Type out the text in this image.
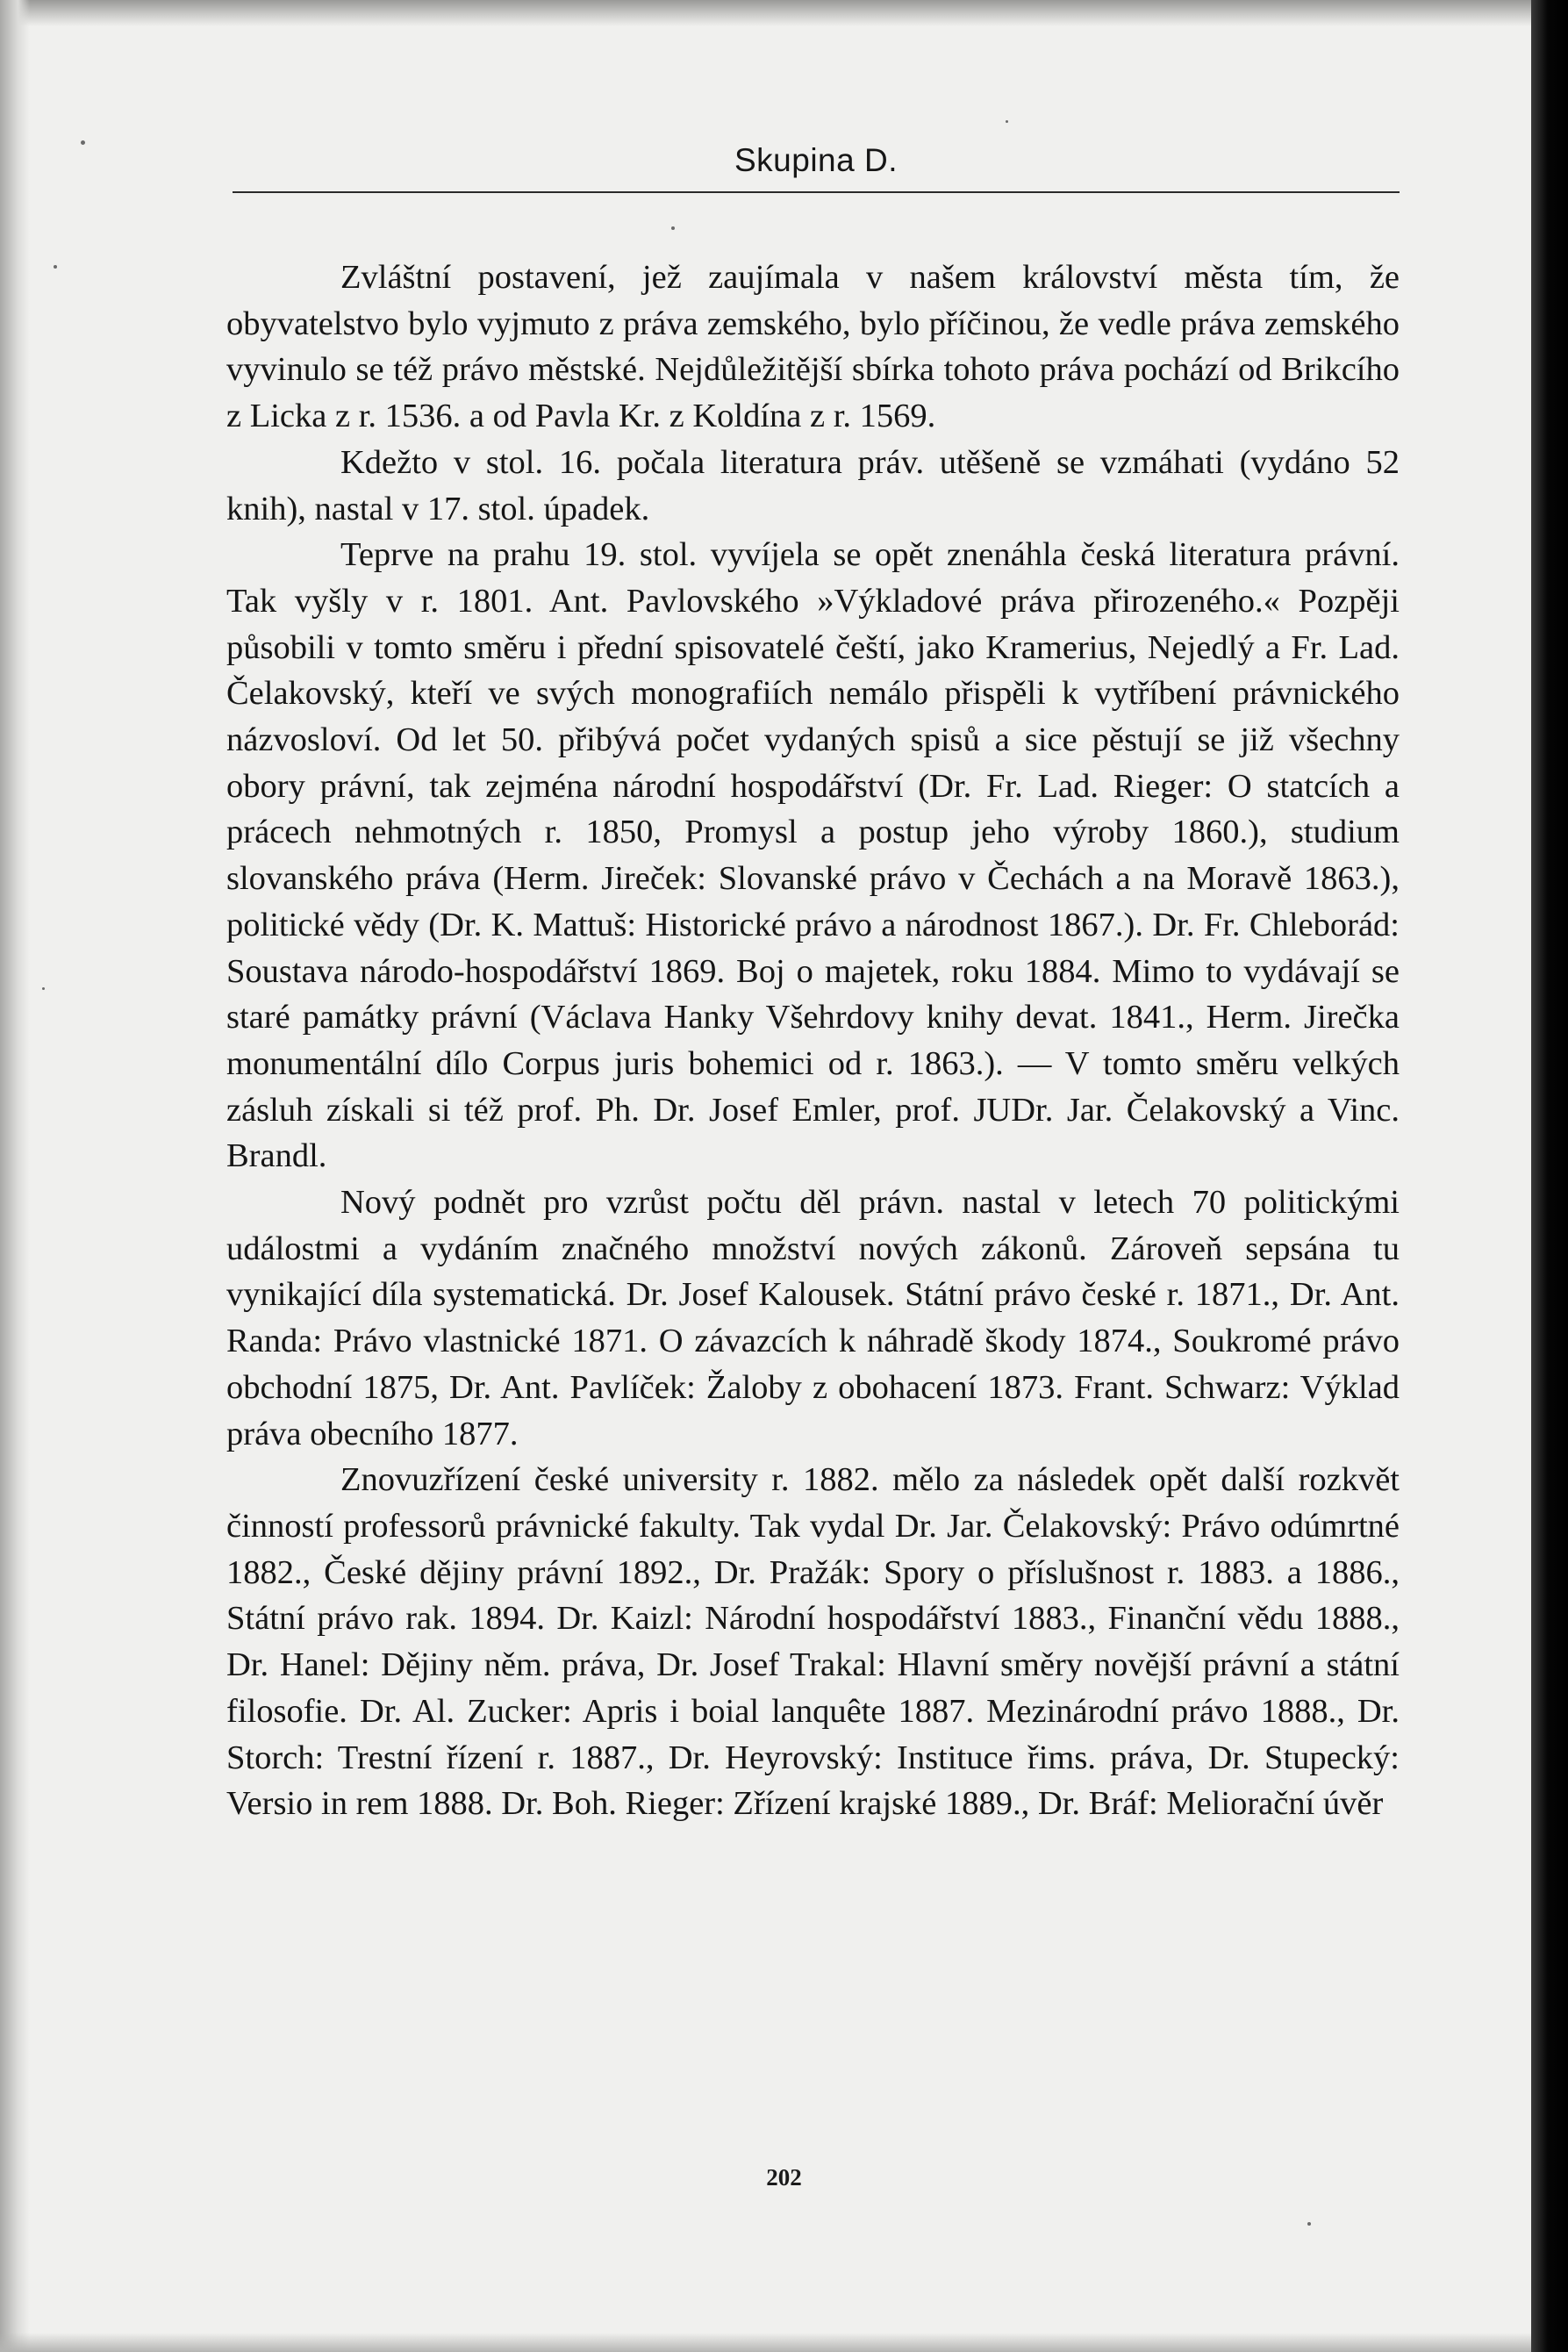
Skupina D.

Zvláštní postavení, jež zaujímala v našem království města tím, že obyvatelstvo bylo vyjmuto z práva zemského, bylo příčinou, že vedle práva zemského vyvinulo se též právo městské. Nejdůležitější sbírka tohoto práva pochází od Brikcího z Licka z r. 1536. a od Pavla Kr. z Koldína z r. 1569.

Kdežto v stol. 16. počala literatura práv. utěšeně se vzmáhati (vydáno 52 knih), nastal v 17. stol. úpadek.

Teprve na prahu 19. stol. vyvíjela se opět znenáhla česká literatura právní. Tak vyšly v r. 1801. Ant. Pavlovského »Výkladové práva přirozeného.« Pozpěji působili v tomto směru i přední spisovatelé čeští, jako Kramerius, Nejedlý a Fr. Lad. Čelakovský, kteří ve svých monografiích nemálo přispěli k vytříbení právnického názvosloví. Od let 50. přibývá počet vydaných spisů a sice pěstují se již všechny obory právní, tak zejména národní hospodářství (Dr. Fr. Lad. Rieger: O statcích a prácech nehmotných r. 1850, Promysl a postup jeho výroby 1860.), studium slovanského práva (Herm. Jireček: Slovanské právo v Čechách a na Moravě 1863.), politické vědy (Dr. K. Mattuš: Historické právo a národnost 1867.). Dr. Fr. Chleborád: Soustava národo-hospodářství 1869. Boj o majetek, roku 1884. Mimo to vydávají se staré památky právní (Václava Hanky Všehrdovy knihy devat. 1841., Herm. Jirečka monumentální dílo Corpus juris bohemici od r. 1863.). — V tomto směru velkých zásluh získali si též prof. Ph. Dr. Josef Emler, prof. JUDr. Jar. Čelakovský a Vinc. Brandl.

Nový podnět pro vzrůst počtu děl právn. nastal v letech 70 politickými událostmi a vydáním značného množství nových zákonů. Zároveň sepsána tu vynikající díla systematická. Dr. Josef Kalousek. Státní právo české r. 1871., Dr. Ant. Randa: Právo vlastnické 1871. O závazcích k náhradě škody 1874., Soukromé právo obchodní 1875, Dr. Ant. Pavlíček: Žaloby z obohacení 1873. Frant. Schwarz: Výklad práva obecního 1877.

Znovuzřízení české university r. 1882. mělo za následek opět další rozkvět činností professorů právnické fakulty. Tak vydal Dr. Jar. Čelakovský: Právo odúmrtné 1882., České dějiny právní 1892., Dr. Pražák: Spory o příslušnost r. 1883. a 1886., Státní právo rak. 1894. Dr. Kaizl: Národní hospodářství 1883., Finanční vědu 1888., Dr. Hanel: Dějiny něm. práva, Dr. Josef Trakal: Hlavní směry novější právní a státní filosofie. Dr. Al. Zucker: Apris i boial lanquête 1887. Mezinárodní právo 1888., Dr. Storch: Trestní řízení r. 1887., Dr. Heyrovský: Instituce řims. práva, Dr. Stupecký: Versio in rem 1888. Dr. Boh. Rieger: Zřízení krajské 1889., Dr. Bráf: Meliorační úvěr

202
